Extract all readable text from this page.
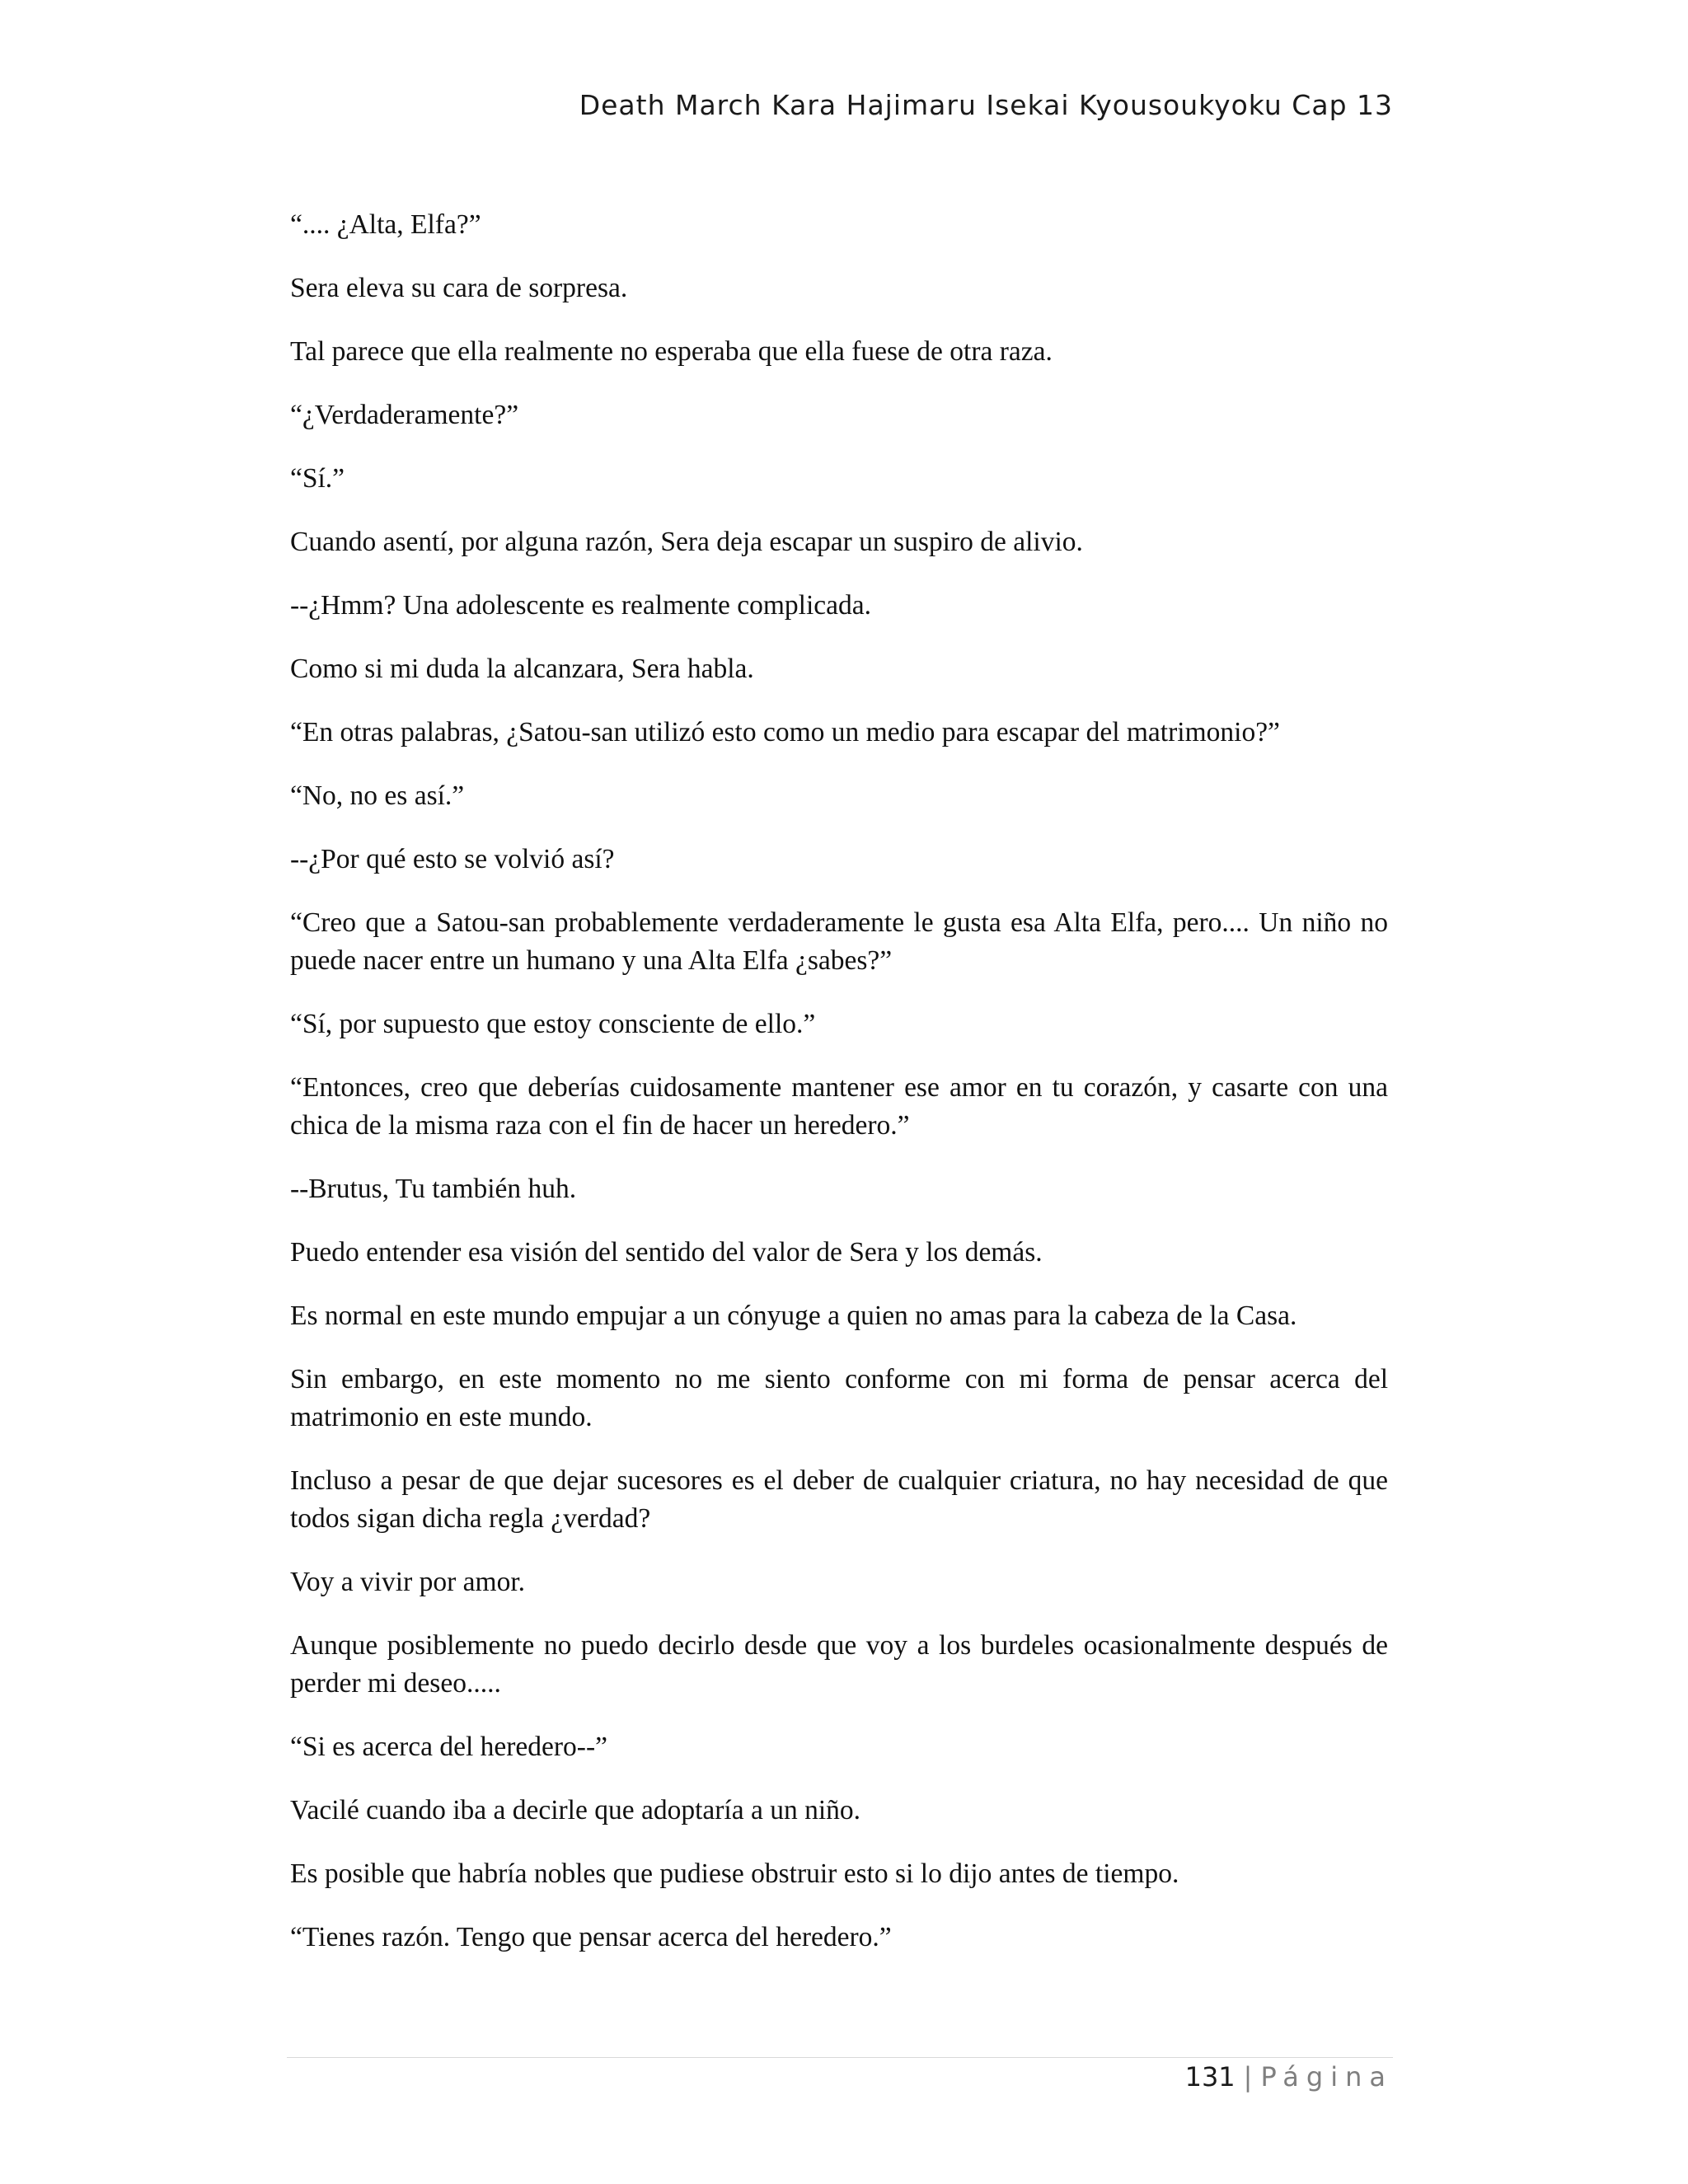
Death March Kara Hajimaru Isekai Kyousoukyoku Cap 13

“.... ¿Alta, Elfa?”

Sera eleva su cara de sorpresa.

Tal parece que ella realmente no esperaba que ella fuese de otra raza.

“¿Verdaderamente?”

“Sí.”

Cuando asentí, por alguna razón, Sera deja escapar un suspiro de alivio.

--¿Hmm? Una adolescente es realmente complicada.

Como si mi duda la alcanzara, Sera habla.

“En otras palabras, ¿Satou-san utilizó esto como un medio para escapar del matrimonio?”

“No, no es así.”

--¿Por qué esto se volvió así?

“Creo que a Satou-san probablemente verdaderamente le gusta esa Alta Elfa, pero.... Un niño no puede nacer entre un humano y una Alta Elfa ¿sabes?”

“Sí, por supuesto que estoy consciente de ello.”

“Entonces, creo que deberías cuidosamente mantener ese amor en tu corazón, y casarte con una chica de la misma raza con el fin de hacer un heredero.”

--Brutus, Tu también huh.

Puedo entender esa visión del sentido del valor de Sera y los demás.

Es normal en este mundo empujar a un cónyuge a quien no amas para la cabeza de la Casa.

Sin embargo, en este momento no me siento conforme con mi forma de pensar acerca del matrimonio en este mundo.

Incluso a pesar de que dejar sucesores es el deber de cualquier criatura, no hay necesidad de que todos sigan dicha regla ¿verdad?

Voy a vivir por amor.

Aunque posiblemente no puedo decirlo desde que voy a los burdeles ocasionalmente después de perder mi deseo.....

“Si es acerca del heredero--”

Vacilé cuando iba a decirle que adoptaría a un niño.

Es posible que habría nobles que pudiese obstruir esto si lo dijo antes de tiempo.

“Tienes razón. Tengo que pensar acerca del heredero.”

131 | Página
